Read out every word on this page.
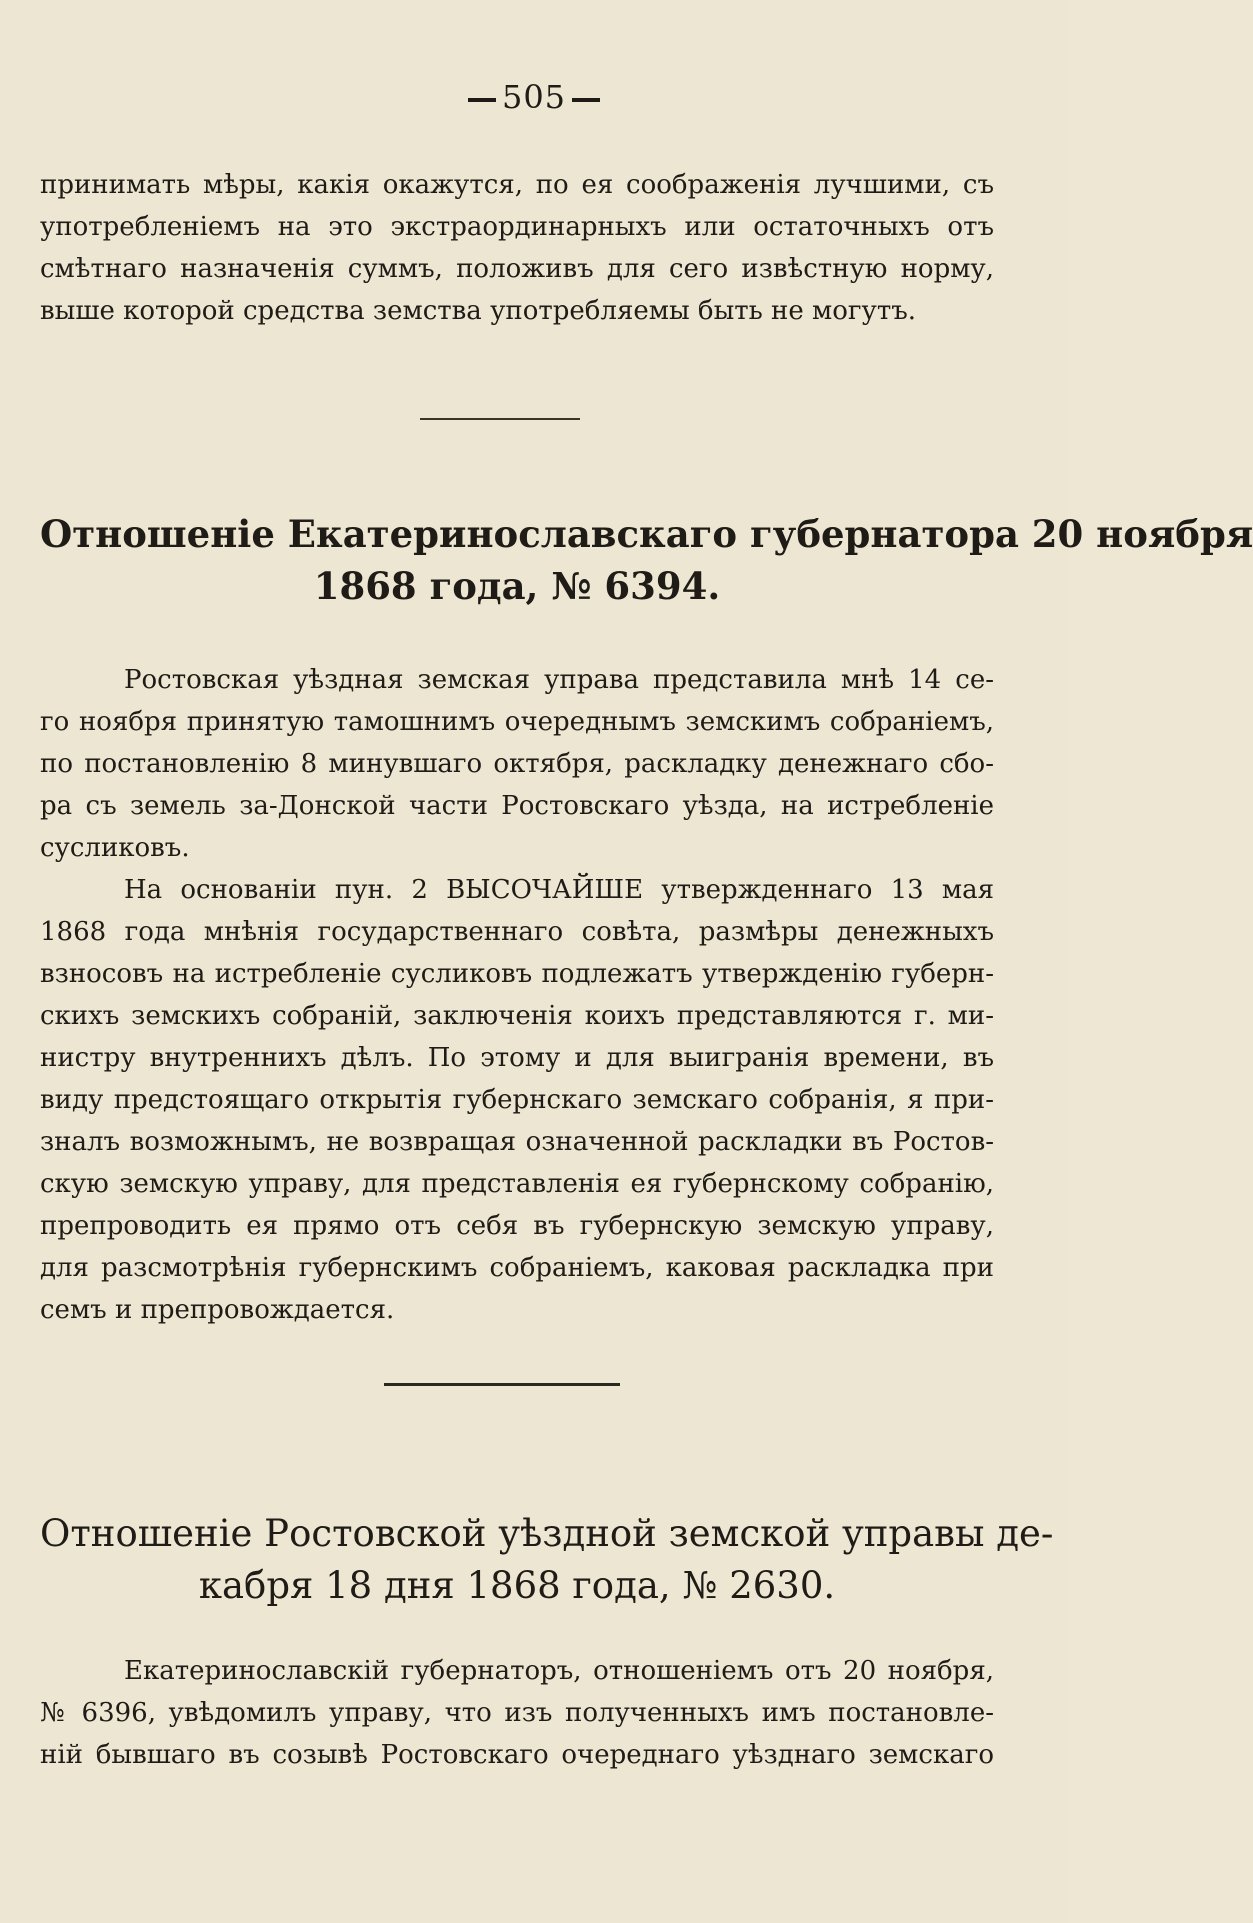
505
принимать мѣры, какія окажутся, по ея соображенія лучшими, съ
употребленіемъ на это экстраординарныхъ или остаточныхъ отъ
смѣтнаго назначенія суммъ, положивъ для сего извѣстную норму,
выше которой средства земства употребляемы быть не могутъ.
Отношеніе Екатеринославскаго губернатора 20 ноября
1868 года, № 6394.
Ростовская уѣздная земская управа представила мнѣ 14 се-
го ноября принятую тамошнимъ очереднымъ земскимъ собраніемъ,
по постановленію 8 минувшаго октября, раскладку денежнаго сбо-
ра съ земель за-Донской части Ростовскаго уѣзда, на истребленіе
сусликовъ.
На основаніи пун. 2 ВЫСОЧАЙШЕ утвержденнаго 13 мая
1868 года мнѣнія государственнаго совѣта, размѣры денежныхъ
взносовъ на истребленіе сусликовъ подлежатъ утвержденію губерн-
скихъ земскихъ собраній, заключенія коихъ представляются г. ми-
нистру внутреннихъ дѣлъ. По этому и для выигранія времени, въ
виду предстоящаго открытія губернскаго земскаго собранія, я при-
зналъ возможнымъ, не возвращая означенной раскладки въ Ростов-
скую земскую управу, для представленія ея губернскому собранію,
препроводить ея прямо отъ себя въ губернскую земскую управу,
для разсмотрѣнія губернскимъ собраніемъ, каковая раскладка при
семъ и препровождается.
Отношеніе Ростовской уѣздной земской управы де-
кабря 18 дня 1868 года, № 2630.
Екатеринославскій губернаторъ, отношеніемъ отъ 20 ноября,
№ 6396, увѣдомилъ управу, что изъ полученныхъ имъ постановле-
ній бывшаго въ созывѣ Ростовскаго очереднаго уѣзднаго земскаго
